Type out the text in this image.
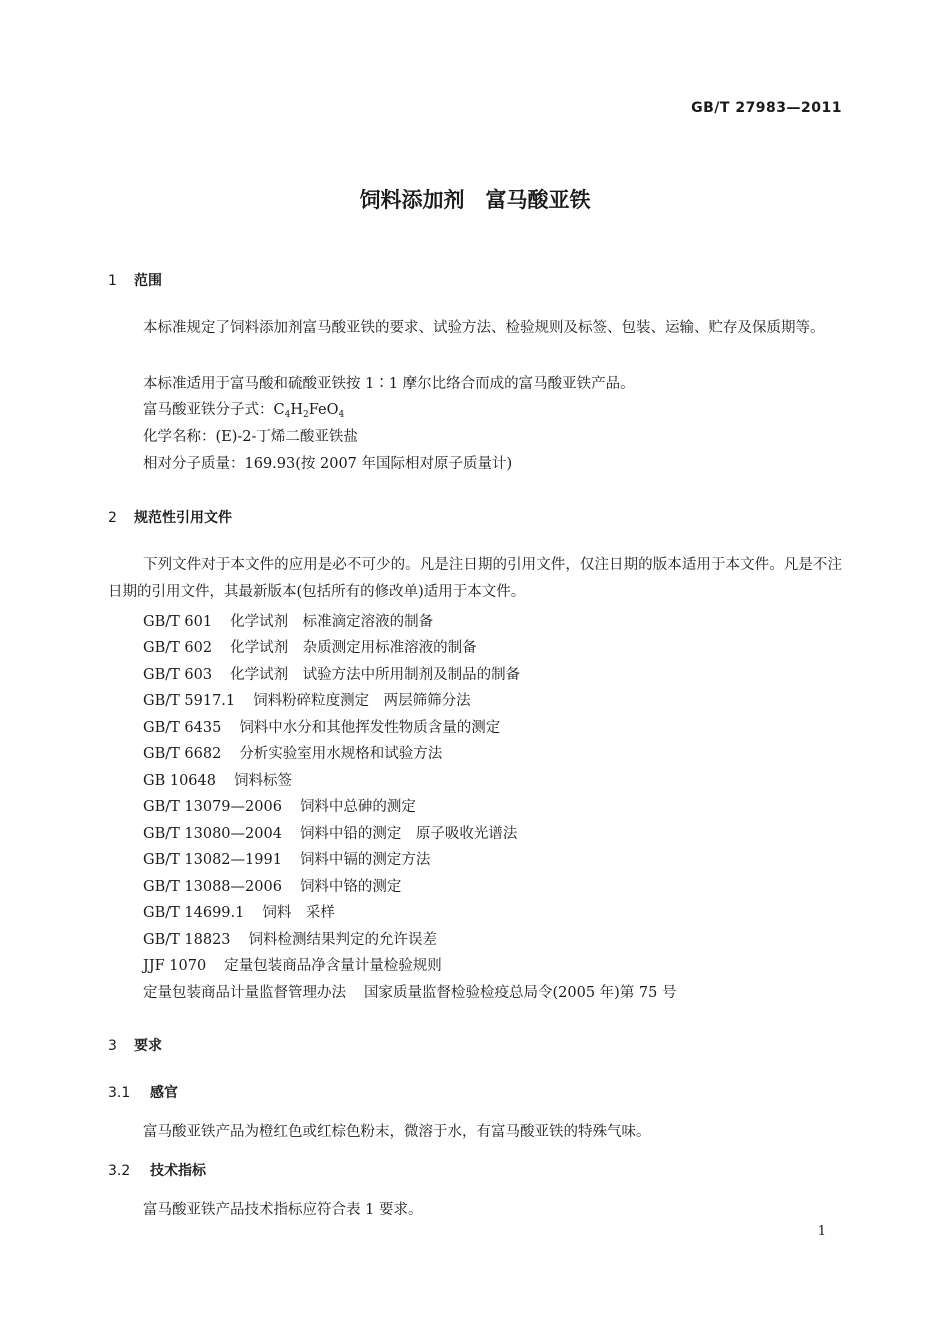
GB/T 27983—2011
饲料添加剂　富马酸亚铁
1 范围
本标准规定了饲料添加剂富马酸亚铁的要求、试验方法、检验规则及标签、包装、运输、贮存及保质期等。
本标准适用于富马酸和硫酸亚铁按 1∶1 摩尔比络合而成的富马酸亚铁产品。
富马酸亚铁分子式：$C_4H_2FeO_4$
化学名称：(E)-2-丁烯二酸亚铁盐
相对分子质量：169.93(按 2007 年国际相对原子质量计)
2 规范性引用文件
下列文件对于本文件的应用是必不可少的。凡是注日期的引用文件，仅注日期的版本适用于本文件。凡是不注日期的引用文件，其最新版本(包括所有的修改单)适用于本文件。
GB/T 601 化学试剂　标准滴定溶液的制备
GB/T 602 化学试剂　杂质测定用标准溶液的制备
GB/T 603 化学试剂　试验方法中所用制剂及制品的制备
GB/T 5917.1 饲料粉碎粒度测定　两层筛筛分法
GB/T 6435 饲料中水分和其他挥发性物质含量的测定
GB/T 6682 分析实验室用水规格和试验方法
GB 10648 饲料标签
GB/T 13079—2006 饲料中总砷的测定
GB/T 13080—2004 饲料中铅的测定　原子吸收光谱法
GB/T 13082—1991 饲料中镉的测定方法
GB/T 13088—2006 饲料中铬的测定
GB/T 14699.1 饲料　采样
GB/T 18823 饲料检测结果判定的允许误差
JJF 1070 定量包装商品净含量计量检验规则
定量包装商品计量监督管理办法 国家质量监督检验检疫总局令(2005 年)第 75 号
3 要求
3.1 感官
富马酸亚铁产品为橙红色或红棕色粉末，微溶于水，有富马酸亚铁的特殊气味。
3.2 技术指标
富马酸亚铁产品技术指标应符合表 1 要求。
1
